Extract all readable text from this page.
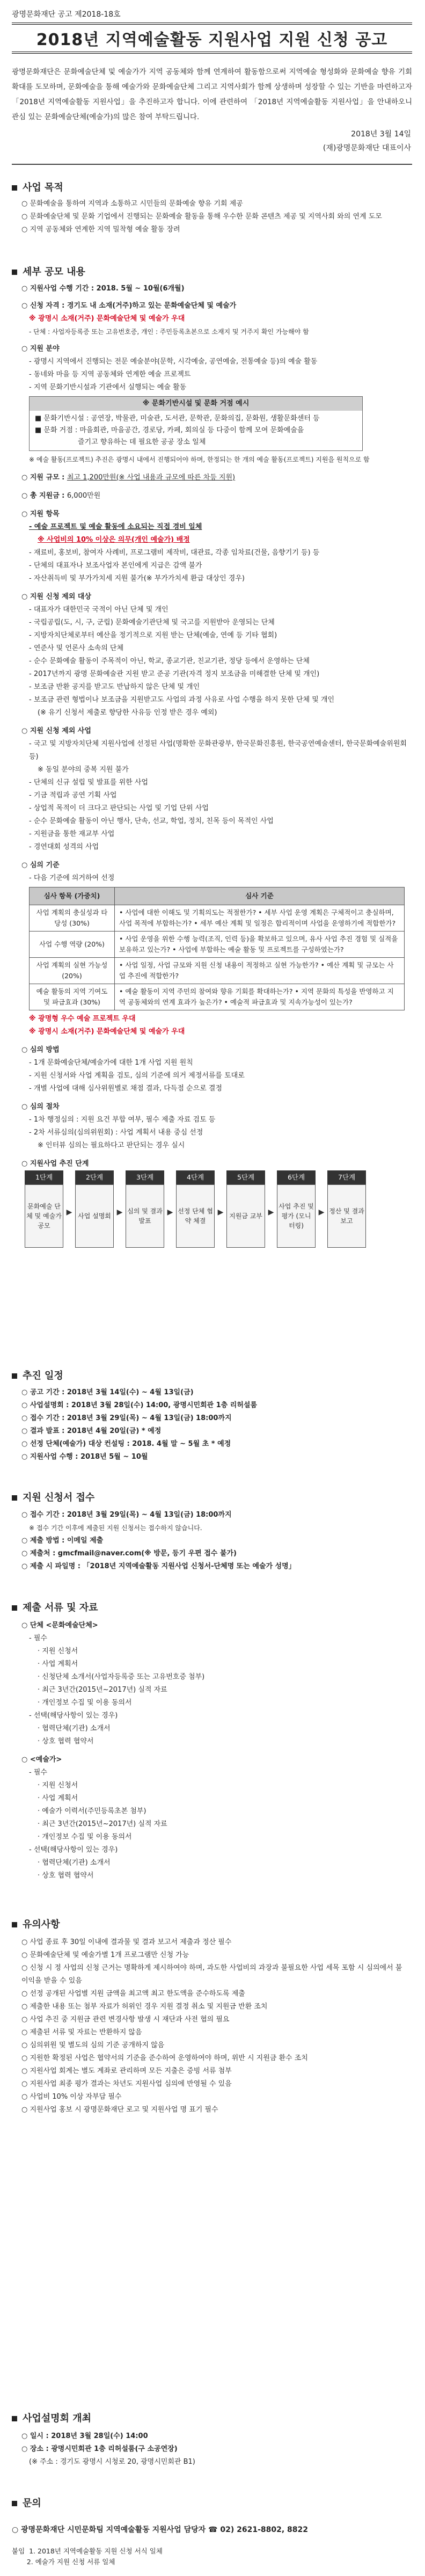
광명문화재단 공고 제2018-18호
2018년 지역예술활동 지원사업 지원 신청 공고
광명문화재단은 문화예술단체 및 예술가가 지역 공동체와 함께 연계하여 활동함으로써 지역예술 형성화와 문화예술 향유 기회 확대를 도모하며, 문화예술을 통해 예술가와 문화예술단체 그리고 지역사회가 함께 상생하며 성장할 수 있는 기반을 마련하고자 「2018년 지역예술활동 지원사업」을 추진하고자 합니다. 이에 관련하여 「2018년 지역예술활동 지원사업」을 안내하오니 관심 있는 문화예술단체(예술가)의 많은 참여 부탁드립니다.
2018년 3월 14일
(재)광명문화재단 대표이사
사업 목적

○ 문화예술을 통하여 지역과 소통하고 시민들의 문화예술 향유 기회 제공

○ 문화예술단체 및 문화 기업에서 진행되는 문화예술 활동을 통해 우수한 문화 콘텐츠 제공 및 지역사회 와의 연계 도모

○ 지역 공동체와 연계한 지역 밀착형 예술 활동 장려

세부 공모 내용

○ 지원사업 수행 기간 : 2018. 5월 ~ 10월(6개월)

○ 신청 자격 : 경기도 내 소재(거주)하고 있는 문화예술단체 및 예술가

※ 광명시 소재(거주) 문화예술단체 및 예술가 우대

- 단체 : 사업자등록증 또는 고유번호증, 개인 : 주민등록초본으로 소재지 및 거주지 확인 가능해야 함

○ 지원 분야

- 광명시 지역에서 진행되는 전문 예술분야(문학, 시각예술, 공연예술, 전통예술 등)의 예술 활동

- 동네와 마을 등 지역 공동체와 연계한 예술 프로젝트

- 지역 문화기반시설과 기관에서 실행되는 예술 활동

※ 문화기반시설 및 문화 거점 예시
■ 문화기반시설 : 공연장, 박물관, 미술관, 도서관, 문학관, 문화의집, 문화원, 생활문화센터 등
■ 문화 거점 : 마을회관, 마을공간, 경로당, 카페, 회의실 등 다중이 함께 모여 문화예술을
즐기고 향유하는 데 필요한 공공 장소 일체

※ 예술 활동(프로젝트) 추진은 광명시 내에서 진행되어야 하며, 한정되는 한 개의 예술 활동(프로젝트) 지원을 원칙으로 함

○ 지원 규모 : 최고 1,200만원(※ 사업 내용과 규모에 따른 차등 지원)

○ 총 지원금 : 6,000만원

○ 지원 항목

- 예술 프로젝트 및 예술 활동에 소요되는 직접 경비 일체

※ 사업비의 10% 이상은 의무(개인 예술가) 배정

- 재료비, 홍보비, 참여자 사례비, 프로그램비 제작비, 대관료, 각종 임차료(건물, 음향기기 등) 등

- 단체의 대표자나 보조사업자 본인에게 지급은 감액 불가

- 자산취득비 및 부가가치세 지원 불가(※ 부가가치세 환급 대상인 경우)

○ 지원 신청 제외 대상

- 대표자가 대한민국 국적이 아닌 단체 및 개인

- 국립공립(도, 시, 구, 군립) 문화예술기관단체 및 국고를 지원받아 운영되는 단체

- 지방자치단체로부터 예산을 정기적으로 지원 받는 단체(예술, 연예 등 기타 협회)

- 연준사 및 언론사 소속의 단체

- 순수 문화예술 활동이 주목적이 아닌, 학교, 종교기관, 친교기관, 정당 등에서 운영하는 단체

- 2017년까지 광명 문화예술관 지원 받고 준공 기관(자격 정지 보조금을 미해결한 단체 및 개인)

- 보조금 반환 공지를 받고도 반납하지 않은 단체 및 개인

- 보조금 관련 형법이나 보조금을 지원받고도 사업의 과정 사유로 사업 수행을 하지 못한 단체 및 개인

(※ 유기 신청서 제출로 향당한 사유등 인정 받은 경우 예외)

○ 지원 신청 제외 사업

- 국고 및 지방자치단체 지원사업에 선정된 사업(명확한 문화관광부, 한국문화진흥원, 한국공연예술센터, 한국문화예술위원회 등)

※ 동일 분야의 중복 지원 불가

- 단체의 신규 설립 및 발표를 위한 사업

- 기금 적립과 공연 기획 사업

- 상업적 목적이 더 크다고 판단되는 사업 및 기업 단위 사업

- 순수 문화예술 활동이 아닌 행사, 단속, 선교, 학업, 정치, 친목 등이 목적인 사업

- 지원금을 통한 재교부 사업

- 경연대회 성격의 사업

○ 심의 기준

- 다음 기준에 의거하여 선정

심사 항목 (가중치)	심사 기준
사업 계획의 충실성과 타당성 (30%)	• 사업에 대한 이해도 및 기획의도는 적절한가? • 세부 사업 운영 계획은 구체적이고 충실하며, 사업 목적에 부합하는가? • 세부 예산 계획 및 일정은 합리적이며 사업을 운영하기에 적합한가?
사업 수행 역량 (20%)	• 사업 운영을 위한 수행 능력(조직, 인력 등)을 확보하고 있으며, 유사 사업 추진 경험 및 실적을 보유하고 있는가? • 사업에 부합하는 예술 활동 및 프로젝트를 구성하였는가?
사업 계획의 실현 가능성 (20%)	• 사업 일정, 사업 규모와 지원 신청 내용이 적정하고 실현 가능한가? • 예산 계획 및 규모는 사업 추진에 적합한가?
예술 활동의 지역 기여도 및 파급효과 (30%)	• 예술 활동이 지역 주민의 참여와 향유 기회를 확대하는가? • 지역 문화의 특성을 반영하고 지역 공동체와의 연계 효과가 높은가? • 예술적 파급효과 및 지속가능성이 있는가?

※ 광명형 우수 예술 프로젝트 우대

※ 광명시 소재(거주) 문화예술단체 및 예술가 우대

○ 심의 방법

- 1개 문화예술단체/예술가에 대한 1개 사업 지원 원칙

- 지원 신청서와 사업 계획을 검토, 심의 기준에 의거 제정서류를 토대로

- 개별 사업에 대해 심사위원별로 채점 결과, 다득점 순으로 결정

○ 심의 절차

- 1차 행정심의 : 지원 요건 부합 여부, 필수 제출 자료 검토 등

- 2차 서류심의(심의위원회) : 사업 계획서 내용 중심 선정

※ 인터뷰 심의는 필요하다고 판단되는 경우 실시

○ 지원사업 추진 단계

1단계
문화예술 단체 및 예술가 공모
▶
2단계
사업 설명회 ▶
3단계
심의 및 결과 발표
▶
4단계
선정 단체 협약 체결
▶
5단계
지원금 교부 ▶
6단계
사업 추진 및 평가 (모니터링)
▶
7단계
정산 및 결과 보고
추진 일정

○ 공고 기간 : 2018년 3월 14일(수) ~ 4월 13일(금)

○ 사업설명회 : 2018년 3월 28일(수) 14:00, 광명시민회관 1층 리허설룸

○ 접수 기간 : 2018년 3월 29일(목) ~ 4월 13일(금) 18:00까지

○ 결과 발표 : 2018년 4월 20일(금) * 예정

○ 선정 단체(예술가) 대상 컨설팅 : 2018. 4월 말 ~ 5월 초 * 예정

○ 지원사업 수행 : 2018년 5월 ~ 10월

지원 신청서 접수

○ 접수 기간 : 2018년 3월 29일(목) ~ 4월 13일(금) 18:00까지

※ 접수 기간 이후에 제출된 지원 신청서는 접수하지 않습니다.

○ 제출 방법 : 이메일 제출

○ 제출처 : gmcfmail@naver.com(※ 방문, 등기 우편 접수 불가)

○ 제출 시 파일명 : 「2018년 지역예술활동 지원사업 신청서-단체명 또는 예술가 성명」

제출 서류 및 자료

○ 단체 <문화예술단체>

- 필수

· 지원 신청서

· 사업 계획서

· 신청단체 소개서(사업자등록증 또는 고유번호증 첨부)

· 최근 3년간(2015년~2017년) 실적 자료

· 개인정보 수집 및 이용 동의서

- 선택(해당사항이 있는 경우)

· 협력단체(기관) 소개서

· 상호 협력 협약서

○ <예술가>

- 필수

· 지원 신청서

· 사업 계획서

· 예술가 이력서(주민등록초본 첨부)

· 최근 3년간(2015년~2017년) 실적 자료

· 개인정보 수집 및 이용 동의서

- 선택(해당사항이 있는 경우)

· 협력단체(기관) 소개서

· 상호 협력 협약서

유의사항

○ 사업 종료 후 30일 이내에 결과물 및 결과 보고서 제출과 정산 필수

○ 문화예술단체 및 예술가별 1개 프로그램만 신청 가능

○ 신청 시 정 사업의 신청 근거는 명확하게 제시하여야 하며, 과도한 사업비의 과장과 불필요한 사업 세목 포함 시 심의에서 불이익을 받을 수 있음

○ 선정 공개된 사업별 지원 금액을 최고액 최고 한도액을 준수하도록 제출

○ 제출한 내용 또는 첨부 자료가 허위인 경우 지원 결정 취소 및 지원금 반환 조치

○ 사업 추진 중 지원금 관련 변경사항 발생 시 재단과 사전 협의 필요

○ 제출된 서류 및 자료는 반환하지 않음

○ 심의위원 및 별도의 심의 기준 공개하지 않음

○ 지원한 확정된 사업은 협약서의 기준을 준수하여 운영하여야 하며, 위반 시 지원금 환수 조치

○ 지원사업 회계는 별도 계좌로 관리하며 모든 지출은 증빙 서류 첨부

○ 지원사업 최종 평가 결과는 차년도 지원사업 심의에 반영될 수 있음

○ 사업비 10% 이상 자부담 필수

○ 지원사업 홍보 시 광명문화재단 로고 및 지원사업 명 표기 필수

사업설명회 개최

○ 일시 : 2018년 3월 28일(수) 14:00

○ 장소 : 광명시민회관 1층 리허설룸(구 소공연장)

(※ 주소 : 경기도 광명시 시청로 20, 광명시민회관 B1)

문의
○ 광명문화재단 시민문화팀 지역예술활동 지원사업 담당자 ☎ 02) 2621-8802, 8822
붙임  1. 2018년 지역예술활동 지원 신청 서식 일체
2. 예술가 지원 신청 서류 일체
